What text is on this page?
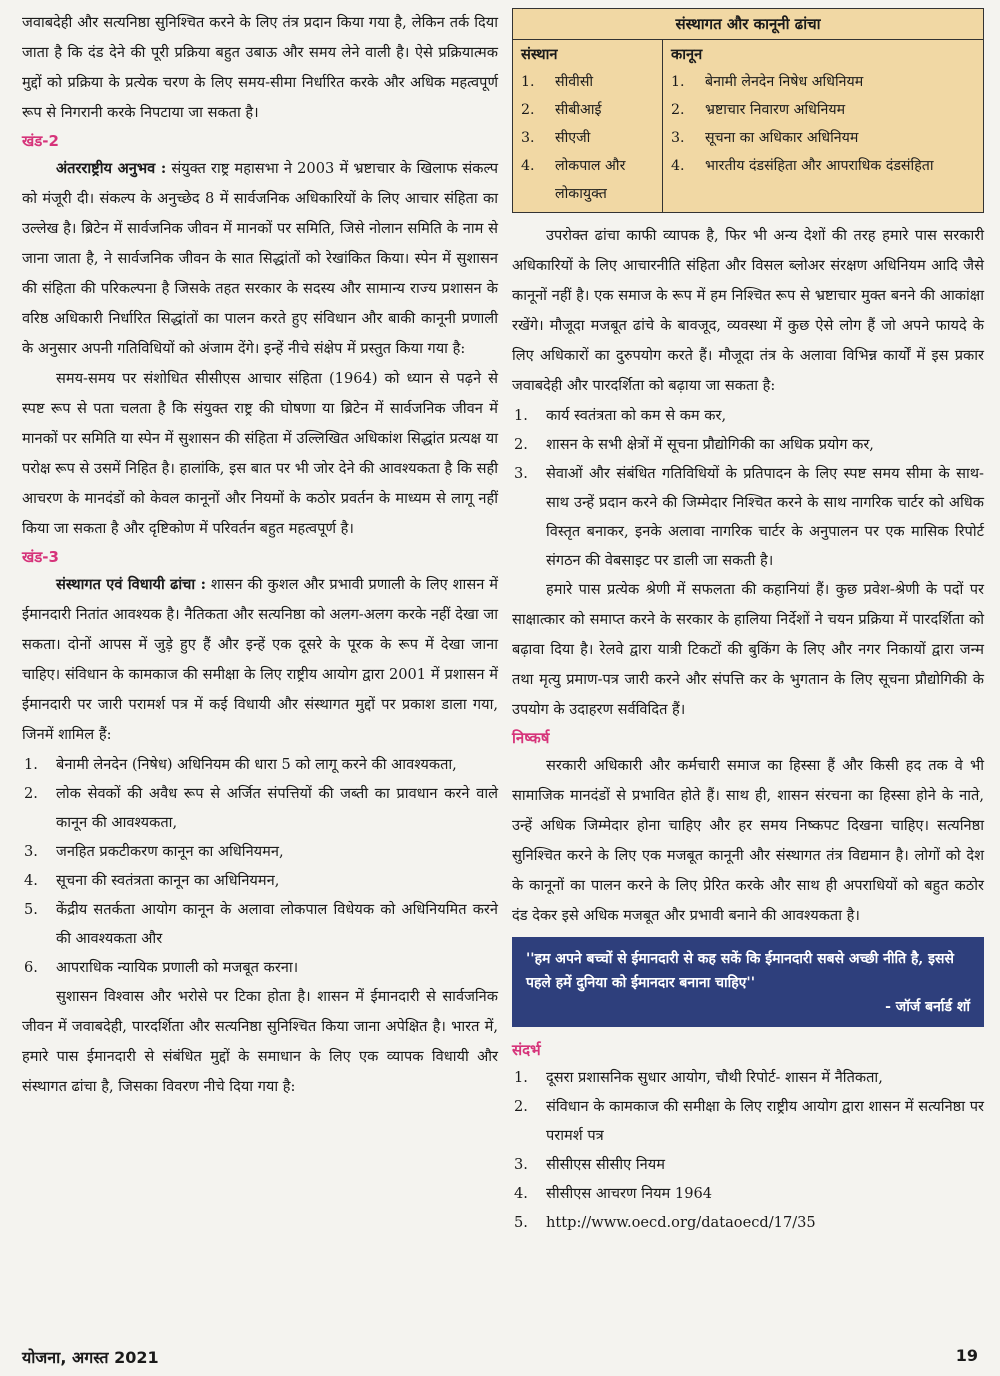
जवाबदेही और सत्यनिष्ठा सुनिश्चित करने के लिए तंत्र प्रदान किया गया है, लेकिन तर्क दिया जाता है कि दंड देने की पूरी प्रक्रिया बहुत उबाऊ और समय लेने वाली है। ऐसे प्रक्रियात्मक मुद्दों को प्रक्रिया के प्रत्येक चरण के लिए समय-सीमा निर्धारित करके और अधिक महत्वपूर्ण रूप से निगरानी करके निपटाया जा सकता है।

खंड-2

अंतरराष्ट्रीय अनुभव : संयुक्त राष्ट्र महासभा ने 2003 में भ्रष्टाचार के खिलाफ संकल्प को मंजूरी दी। संकल्प के अनुच्छेद 8 में सार्वजनिक अधिकारियों के लिए आचार संहिता का उल्लेख है। ब्रिटेन में सार्वजनिक जीवन में मानकों पर समिति, जिसे नोलान समिति के नाम से जाना जाता है, ने सार्वजनिक जीवन के सात सिद्धांतों को रेखांकित किया। स्पेन में सुशासन की संहिता की परिकल्पना है जिसके तहत सरकार के सदस्य और सामान्य राज्य प्रशासन के वरिष्ठ अधिकारी निर्धारित सिद्धांतों का पालन करते हुए संविधान और बाकी कानूनी प्रणाली के अनुसार अपनी गतिविधियों को अंजाम देंगे। इन्हें नीचे संक्षेप में प्रस्तुत किया गया है:

समय-समय पर संशोधित सीसीएस आचार संहिता (1964) को ध्यान से पढ़ने से स्पष्ट रूप से पता चलता है कि संयुक्त राष्ट्र की घोषणा या ब्रिटेन में सार्वजनिक जीवन में मानकों पर समिति या स्पेन में सुशासन की संहिता में उल्लिखित अधिकांश सिद्धांत प्रत्यक्ष या परोक्ष रूप से उसमें निहित है। हालांकि, इस बात पर भी जोर देने की आवश्यकता है कि सही आचरण के मानदंडों को केवल कानूनों और नियमों के कठोर प्रवर्तन के माध्यम से लागू नहीं किया जा सकता है और दृष्टिकोण में परिवर्तन बहुत महत्वपूर्ण है।

खंड-3

संस्थागत एवं विधायी ढांचा : शासन की कुशल और प्रभावी प्रणाली के लिए शासन में ईमानदारी नितांत आवश्यक है। नैतिकता और सत्यनिष्ठा को अलग-अलग करके नहीं देखा जा सकता। दोनों आपस में जुड़े हुए हैं और इन्हें एक दूसरे के पूरक के रूप में देखा जाना चाहिए। संविधान के कामकाज की समीक्षा के लिए राष्ट्रीय आयोग द्वारा 2001 में प्रशासन में ईमानदारी पर जारी परामर्श पत्र में कई विधायी और संस्थागत मुद्दों पर प्रकाश डाला गया, जिनमें शामिल हैं:

1. बेनामी लेनदेन (निषेध) अधिनियम की धारा 5 को लागू करने की आवश्यकता,
2. लोक सेवकों की अवैध रूप से अर्जित संपत्तियों की जब्ती का प्रावधान करने वाले कानून की आवश्यकता,
3. जनहित प्रकटीकरण कानून का अधिनियमन,
4. सूचना की स्वतंत्रता कानून का अधिनियमन,
5. केंद्रीय सतर्कता आयोग कानून के अलावा लोकपाल विधेयक को अधिनियमित करने की आवश्यकता और
6. आपराधिक न्यायिक प्रणाली को मजबूत करना।

सुशासन विश्वास और भरोसे पर टिका होता है। शासन में ईमानदारी से सार्वजनिक जीवन में जवाबदेही, पारदर्शिता और सत्यनिष्ठा सुनिश्चित किया जाना अपेक्षित है। भारत में, हमारे पास ईमानदारी से संबंधित मुद्दों के समाधान के लिए एक व्यापक विधायी और संस्थागत ढांचा है, जिसका विवरण नीचे दिया गया है:

संस्थागत और कानूनी ढांचा
संस्थान
1. सीवीसी
2. सीबीआई
3. सीएजी
4. लोकपाल और लोकायुक्त
कानून
1. बेनामी लेनदेन निषेध अधिनियम
2. भ्रष्टाचार निवारण अधिनियम
3. सूचना का अधिकार अधिनियम
4. भारतीय दंडसंहिता और आपराधिक दंडसंहिता

उपरोक्त ढांचा काफी व्यापक है, फिर भी अन्य देशों की तरह हमारे पास सरकारी अधिकारियों के लिए आचारनीति संहिता और विसल ब्लोअर संरक्षण अधिनियम आदि जैसे कानूनों नहीं है। एक समाज के रूप में हम निश्चित रूप से भ्रष्टाचार मुक्त बनने की आकांक्षा रखेंगे। मौजूदा मजबूत ढांचे के बावजूद, व्यवस्था में कुछ ऐसे लोग हैं जो अपने फायदे के लिए अधिकारों का दुरुपयोग करते हैं। मौजूदा तंत्र के अलावा विभिन्न कार्यों में इस प्रकार जवाबदेही और पारदर्शिता को बढ़ाया जा सकता है:

1. कार्य स्वतंत्रता को कम से कम कर,
2. शासन के सभी क्षेत्रों में सूचना प्रौद्योगिकी का अधिक प्रयोग कर,
3. सेवाओं और संबंधित गतिविधियों के प्रतिपादन के लिए स्पष्ट समय सीमा के साथ-साथ उन्हें प्रदान करने की जिम्मेदार निश्चित करने के साथ नागरिक चार्टर को अधिक विस्तृत बनाकर, इनके अलावा नागरिक चार्टर के अनुपालन पर एक मासिक रिपोर्ट संगठन की वेबसाइट पर डाली जा सकती है।

हमारे पास प्रत्येक श्रेणी में सफलता की कहानियां हैं। कुछ प्रवेश-श्रेणी के पदों पर साक्षात्कार को समाप्त करने के सरकार के हालिया निर्देशों ने चयन प्रक्रिया में पारदर्शिता को बढ़ावा दिया है। रेलवे द्वारा यात्री टिकटों की बुकिंग के लिए और नगर निकायों द्वारा जन्म तथा मृत्यु प्रमाण-पत्र जारी करने और संपत्ति कर के भुगतान के लिए सूचना प्रौद्योगिकी के उपयोग के उदाहरण सर्वविदित हैं।

निष्कर्ष

सरकारी अधिकारी और कर्मचारी समाज का हिस्सा हैं और किसी हद तक वे भी सामाजिक मानदंडों से प्रभावित होते हैं। साथ ही, शासन संरचना का हिस्सा होने के नाते, उन्हें अधिक जिम्मेदार होना चाहिए और हर समय निष्कपट दिखना चाहिए। सत्यनिष्ठा सुनिश्चित करने के लिए एक मजबूत कानूनी और संस्थागत तंत्र विद्यमान है। लोगों को देश के कानूनों का पालन करने के लिए प्रेरित करके और साथ ही अपराधियों को बहुत कठोर दंड देकर इसे अधिक मजबूत और प्रभावी बनाने की आवश्यकता है।

''हम अपने बच्चों से ईमानदारी से कह सकें कि ईमानदारी सबसे अच्छी नीति है, इससे पहले हमें दुनिया को ईमानदार बनाना चाहिए''

- जॉर्ज बर्नार्ड शॉ
संदर्भ
1. दूसरा प्रशासनिक सुधार आयोग, चौथी रिपोर्ट- शासन में नैतिकता,
2. संविधान के कामकाज की समीक्षा के लिए राष्ट्रीय आयोग द्वारा शासन में सत्यनिष्ठा पर परामर्श पत्र
3. सीसीएस सीसीए नियम
4. सीसीएस आचरण नियम 1964
5. http://www.oecd.org/dataoecd/17/35
योजना, अगस्त 2021	19
